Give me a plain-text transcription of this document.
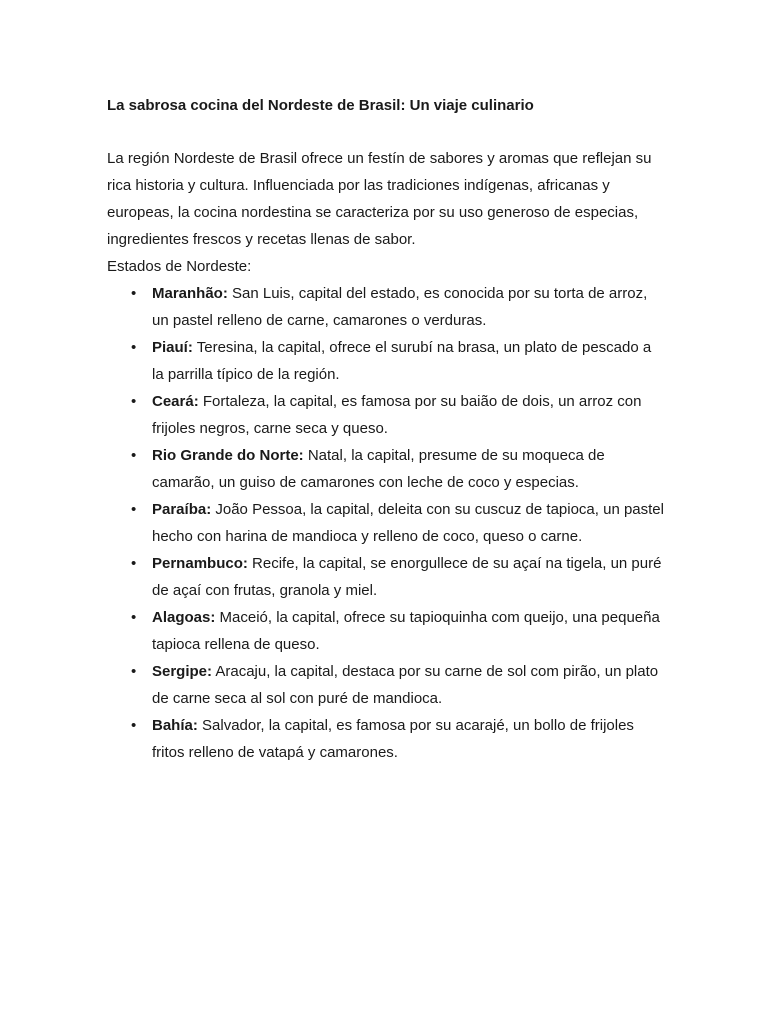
La sabrosa cocina del Nordeste de Brasil: Un viaje culinario

La región Nordeste de Brasil ofrece un festín de sabores y aromas que reflejan su rica historia y cultura. Influenciada por las tradiciones indígenas, africanas y europeas, la cocina nordestina se caracteriza por su uso generoso de especias, ingredientes frescos y recetas llenas de sabor.

Estados de Nordeste:

• Maranhão: San Luis, capital del estado, es conocida por su torta de arroz, un pastel relleno de carne, camarones o verduras.
• Piauí: Teresina, la capital, ofrece el surubí na brasa, un plato de pescado a la parrilla típico de la región.
• Ceará: Fortaleza, la capital, es famosa por su baião de dois, un arroz con frijoles negros, carne seca y queso.
• Rio Grande do Norte: Natal, la capital, presume de su moqueca de camarão, un guiso de camarones con leche de coco y especias.
• Paraíba: João Pessoa, la capital, deleita con su cuscuz de tapioca, un pastel hecho con harina de mandioca y relleno de coco, queso o carne.
• Pernambuco: Recife, la capital, se enorgullece de su açaí na tigela, un puré de açaí con frutas, granola y miel.
• Alagoas: Maceió, la capital, ofrece su tapioquinha com queijo, una pequeña tapioca rellena de queso.
• Sergipe: Aracaju, la capital, destaca por su carne de sol com pirão, un plato de carne seca al sol con puré de mandioca.
• Bahía: Salvador, la capital, es famosa por su acarajé, un bollo de frijoles fritos relleno de vatapá y camarones.
